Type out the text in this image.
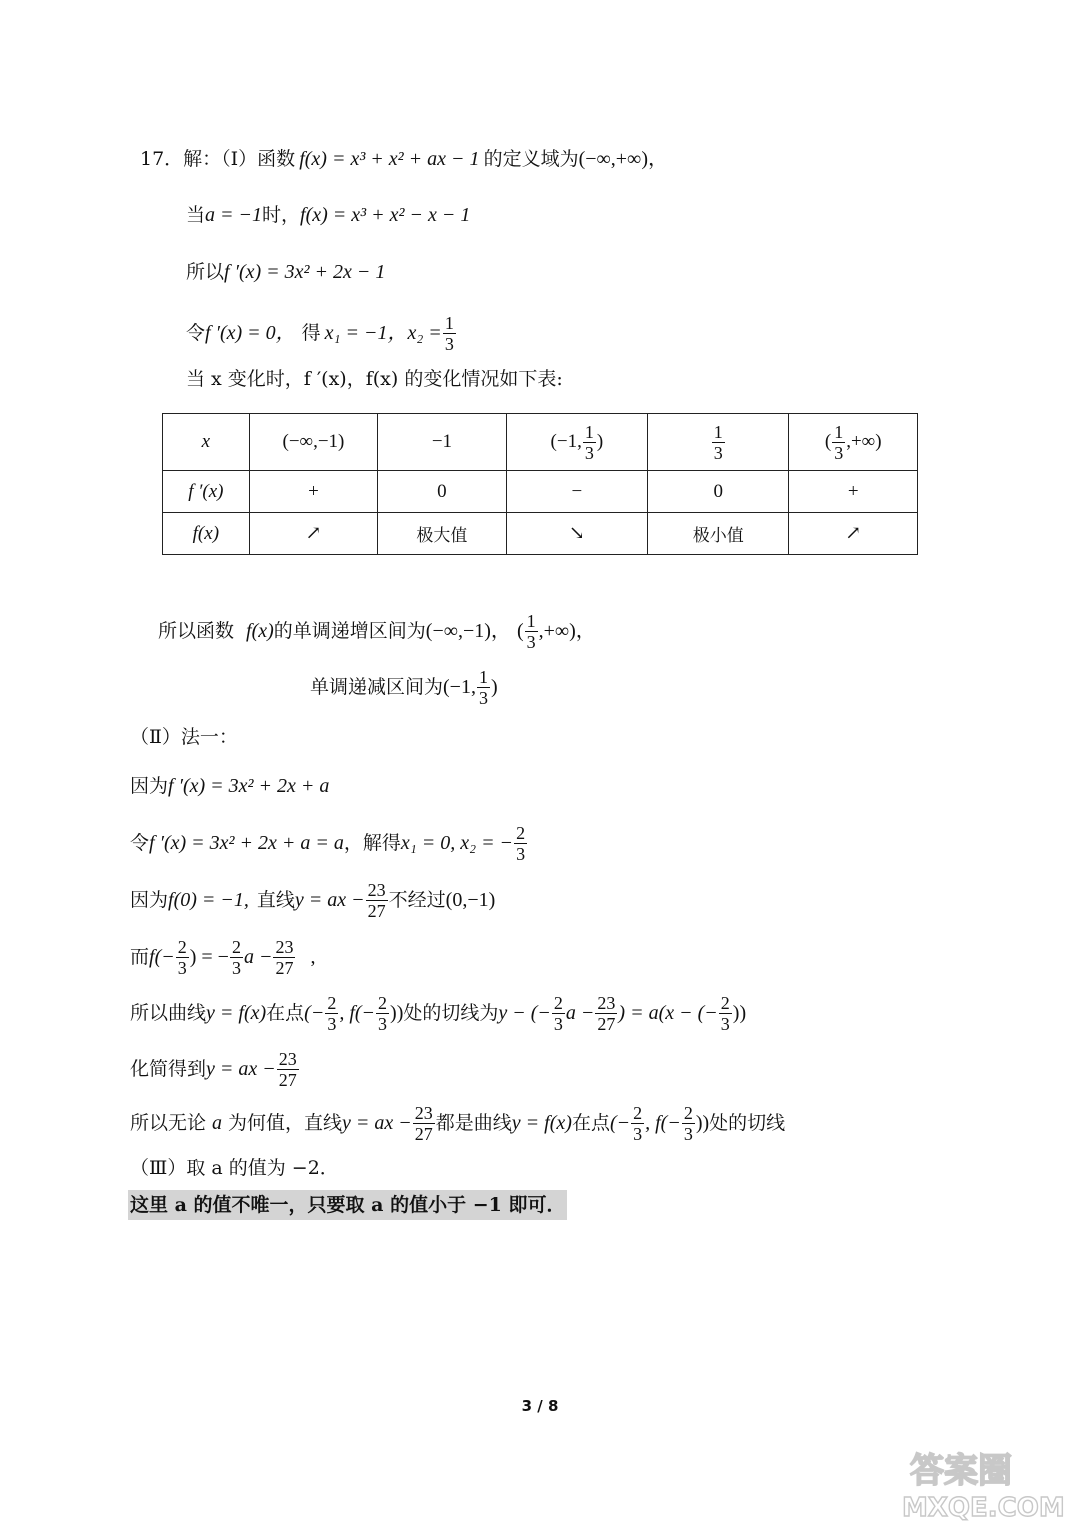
17．解：（Ⅰ）函数 f(x) = x³ + x² + ax − 1 的定义域为 (−∞,+∞)，
当 a = −1 时， f(x) = x³ + x² − x − 1
所以 f ′(x) = 3x² + 2x − 1
令 f ′(x) = 0， 得 x₁ = −1，$x_2 = \frac{1}{3}$
当 x 变化时，f ′(x)，f(x) 的变化情况如下表:
x	(−∞,−1)	−1	(−1, $\frac{1}{3}$ )	$\frac{1}{3}$	( $\frac{1}{3}$ ,+∞)
f ′(x)	+	0	−	0	+
f(x)	↗	极大值	↘	极小值	↗
所以函数 f(x) 的单调递增区间为 (−∞,−1)， ( $\frac{1}{3}$ ,+∞)，
单调递减区间为 (−1, $\frac{1}{3}$ )
（Ⅱ）法一：
因为 f ′(x) = 3x² + 2x + a
令 f ′(x) = 3x² + 2x + a = a ，解得 x₁ = 0, x₂ = − $\frac{2}{3}$
因为 f(0) = −1, 直线 y = ax − $\frac{23}{27}$ 不经过 (0,−1)
而 $f(- \frac{2}{3}$ ) = − $\frac{2}{3}$ $a - \frac{23}{27}$ ,
所以曲线 y = f(x) 在点 (− $\frac{2}{3}$ , $f(- \frac{2}{3}$ )) 处的切线为 y − (− $\frac{2}{3}$ $a - \frac{23}{27}$ ) = a(x − (− $\frac{2}{3}$ ))
化简得到 y = ax − $\frac{23}{27}$
所以无论 a 为何值，直线 y = ax − $\frac{23}{27}$ 都是曲线 y = f(x) 在点 (− $\frac{2}{3}$ , $f(- \frac{2}{3}$ )) 处的切线
（Ⅲ）取 a 的值为 −2．
这里 a 的值不唯一，只要取 a 的值小于 −1 即可．
3 / 8
答案圈
MXQE.COM
